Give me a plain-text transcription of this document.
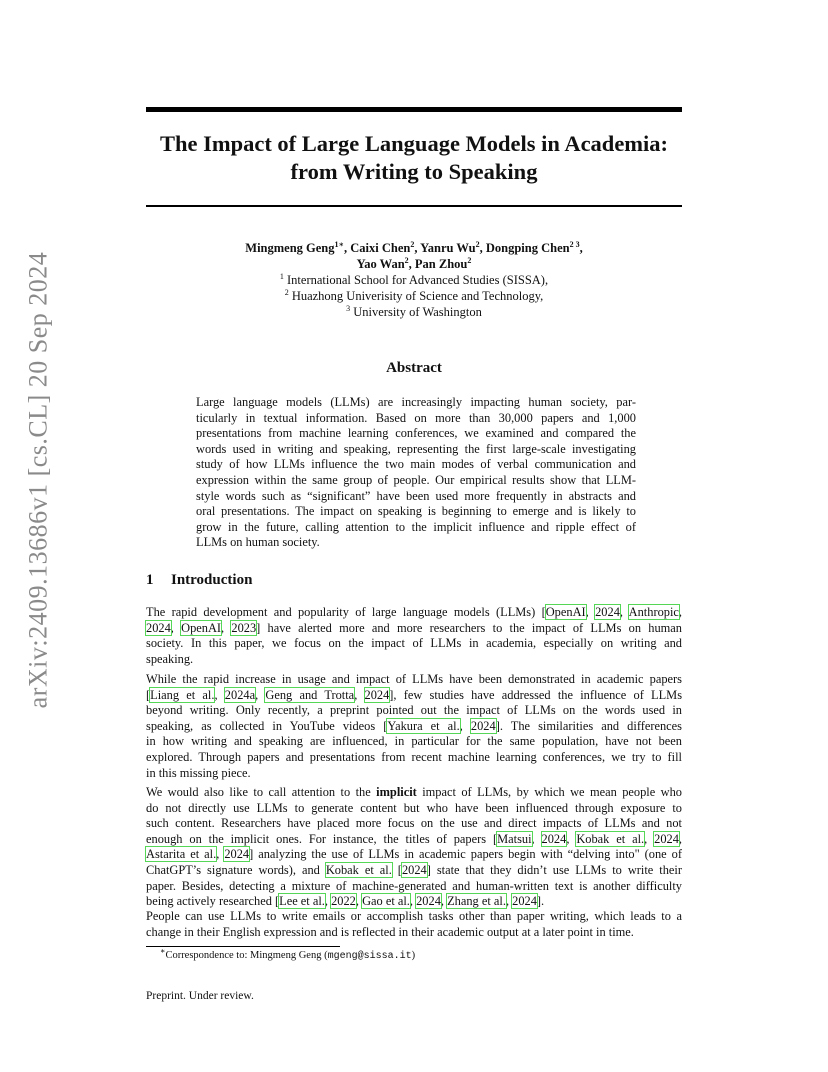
arXiv:2409.13686v1 [cs.CL] 20 Sep 2024
The Impact of Large Language Models in Academia:
from Writing to Speaking
Mingmeng Geng$^{1∗}$, Caixi Chen$^2$, Yanru Wu$^2$, Dongping Chen$^{2 3}$,
Yao Wan$^2$, Pan Zhou$^2$
$^1$ International School for Advanced Studies (SISSA),
$^2$ Huazhong Univerisity of Science and Technology,
$^3$ University of Washington
Abstract
Large language models (LLMs) are increasingly impacting human society, par-
ticularly in textual information. Based on more than 30,000 papers and 1,000
presentations from machine learning conferences, we examined and compared the
words used in writing and speaking, representing the first large-scale investigating
study of how LLMs influence the two main modes of verbal communication and
expression within the same group of people. Our empirical results show that LLM-
style words such as “significant” have been used more frequently in abstracts and
oral presentations. The impact on speaking is beginning to emerge and is likely to
grow in the future, calling attention to the implicit influence and ripple effect of
LLMs on human society.
1 Introduction
The rapid development and popularity of large language models (LLMs) [OpenAI, 2024, Anthropic,
2024, OpenAI, 2023] have alerted more and more researchers to the impact of LLMs on human
society. In this paper, we focus on the impact of LLMs in academia, especially on writing and
speaking.
While the rapid increase in usage and impact of LLMs have been demonstrated in academic papers
[Liang et al., 2024a, Geng and Trotta, 2024], few studies have addressed the influence of LLMs
beyond writing. Only recently, a preprint pointed out the impact of LLMs on the words used in
speaking, as collected in YouTube videos [Yakura et al., 2024]. The similarities and differences
in how writing and speaking are influenced, in particular for the same population, have not been
explored. Through papers and presentations from recent machine learning conferences, we try to fill
in this missing piece.
We would also like to call attention to the implicit impact of LLMs, by which we mean people who
do not directly use LLMs to generate content but who have been influenced through exposure to
such content. Researchers have placed more focus on the use and direct impacts of LLMs and not
enough on the implicit ones. For instance, the titles of papers [Matsui, 2024, Kobak et al., 2024,
Astarita et al., 2024] analyzing the use of LLMs in academic papers begin with “delving into" (one of
ChatGPT’s signature words), and Kobak et al. [2024] state that they didn’t use LLMs to write their
paper. Besides, detecting a mixture of machine-generated and human-written text is another difficulty
being actively researched [Lee et al., 2022, Gao et al., 2024, Zhang et al., 2024].
People can use LLMs to write emails or accomplish tasks other than paper writing, which leads to a
change in their English expression and is reflected in their academic output at a later point in time.
∗Correspondence to: Mingmeng Geng (mgeng@sissa.it)
Preprint. Under review.
